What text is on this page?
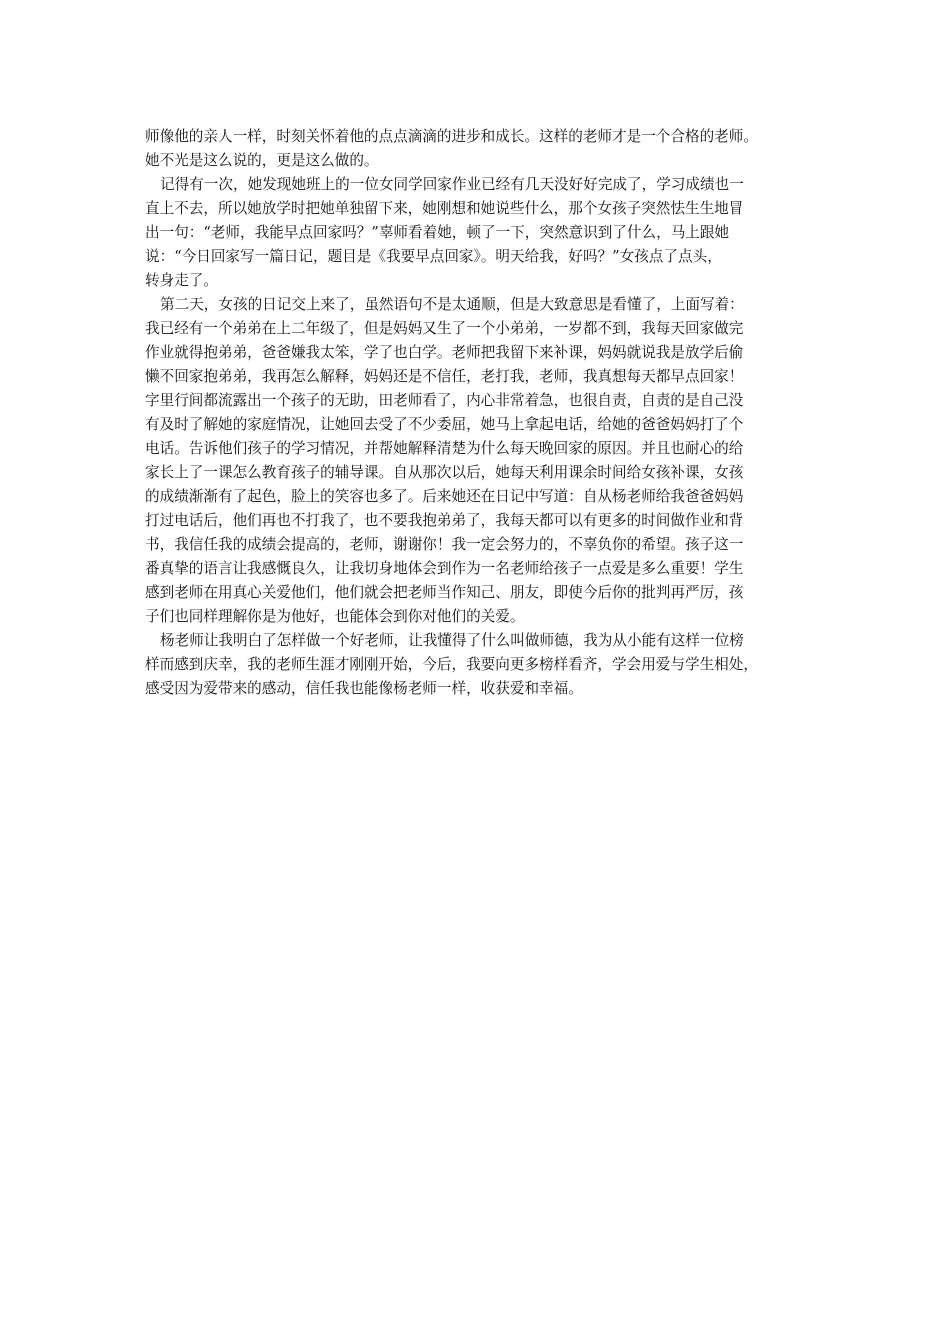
师像他的亲人一样，时刻关怀着他的点点滴滴的进步和成长。这样的老师才是一个合格的老师。
她不光是这么说的，更是这么做的。
记得有一次，她发现她班上的一位女同学回家作业已经有几天没好好完成了，学习成绩也一
直上不去，所以她放学时把她单独留下来，她刚想和她说些什么，那个女孩子突然怯生生地冒
出一句：“老师，我能早点回家吗？”辜师看着她，顿了一下，突然意识到了什么，马上跟她
说：“今日回家写一篇日记，题目是《我要早点回家》。明天给我，好吗？”女孩点了点头，
转身走了。
第二天，女孩的日记交上来了，虽然语句不是太通顺，但是大致意思是看懂了，上面写着：
我已经有一个弟弟在上二年级了，但是妈妈又生了一个小弟弟，一岁都不到，我每天回家做完
作业就得抱弟弟，爸爸嫌我太笨，学了也白学。老师把我留下来补课，妈妈就说我是放学后偷
懒不回家抱弟弟，我再怎么解释，妈妈还是不信任，老打我，老师，我真想每天都早点回家！
字里行间都流露出一个孩子的无助，田老师看了，内心非常着急，也很自责，自责的是自己没
有及时了解她的家庭情况，让她回去受了不少委屈，她马上拿起电话，给她的爸爸妈妈打了个
电话。告诉他们孩子的学习情况，并帮她解释清楚为什么每天晚回家的原因。并且也耐心的给
家长上了一课怎么教育孩子的辅导课。自从那次以后，她每天利用课余时间给女孩补课，女孩
的成绩渐渐有了起色，脸上的笑容也多了。后来她还在日记中写道：自从杨老师给我爸爸妈妈
打过电话后，他们再也不打我了，也不要我抱弟弟了，我每天都可以有更多的时间做作业和背
书，我信任我的成绩会提高的，老师，谢谢你！我一定会努力的，不辜负你的希望。孩子这一
番真挚的语言让我感慨良久，让我切身地体会到作为一名老师给孩子一点爱是多么重要！学生
感到老师在用真心关爱他们，他们就会把老师当作知己、朋友，即使今后你的批判再严厉，孩
子们也同样理解你是为他好，也能体会到你对他们的关爱。
杨老师让我明白了怎样做一个好老师，让我懂得了什么叫做师德，我为从小能有这样一位榜
样而感到庆幸，我的老师生涯才刚刚开始，今后，我要向更多榜样看齐，学会用爱与学生相处，
感受因为爱带来的感动，信任我也能像杨老师一样，收获爱和幸福。
